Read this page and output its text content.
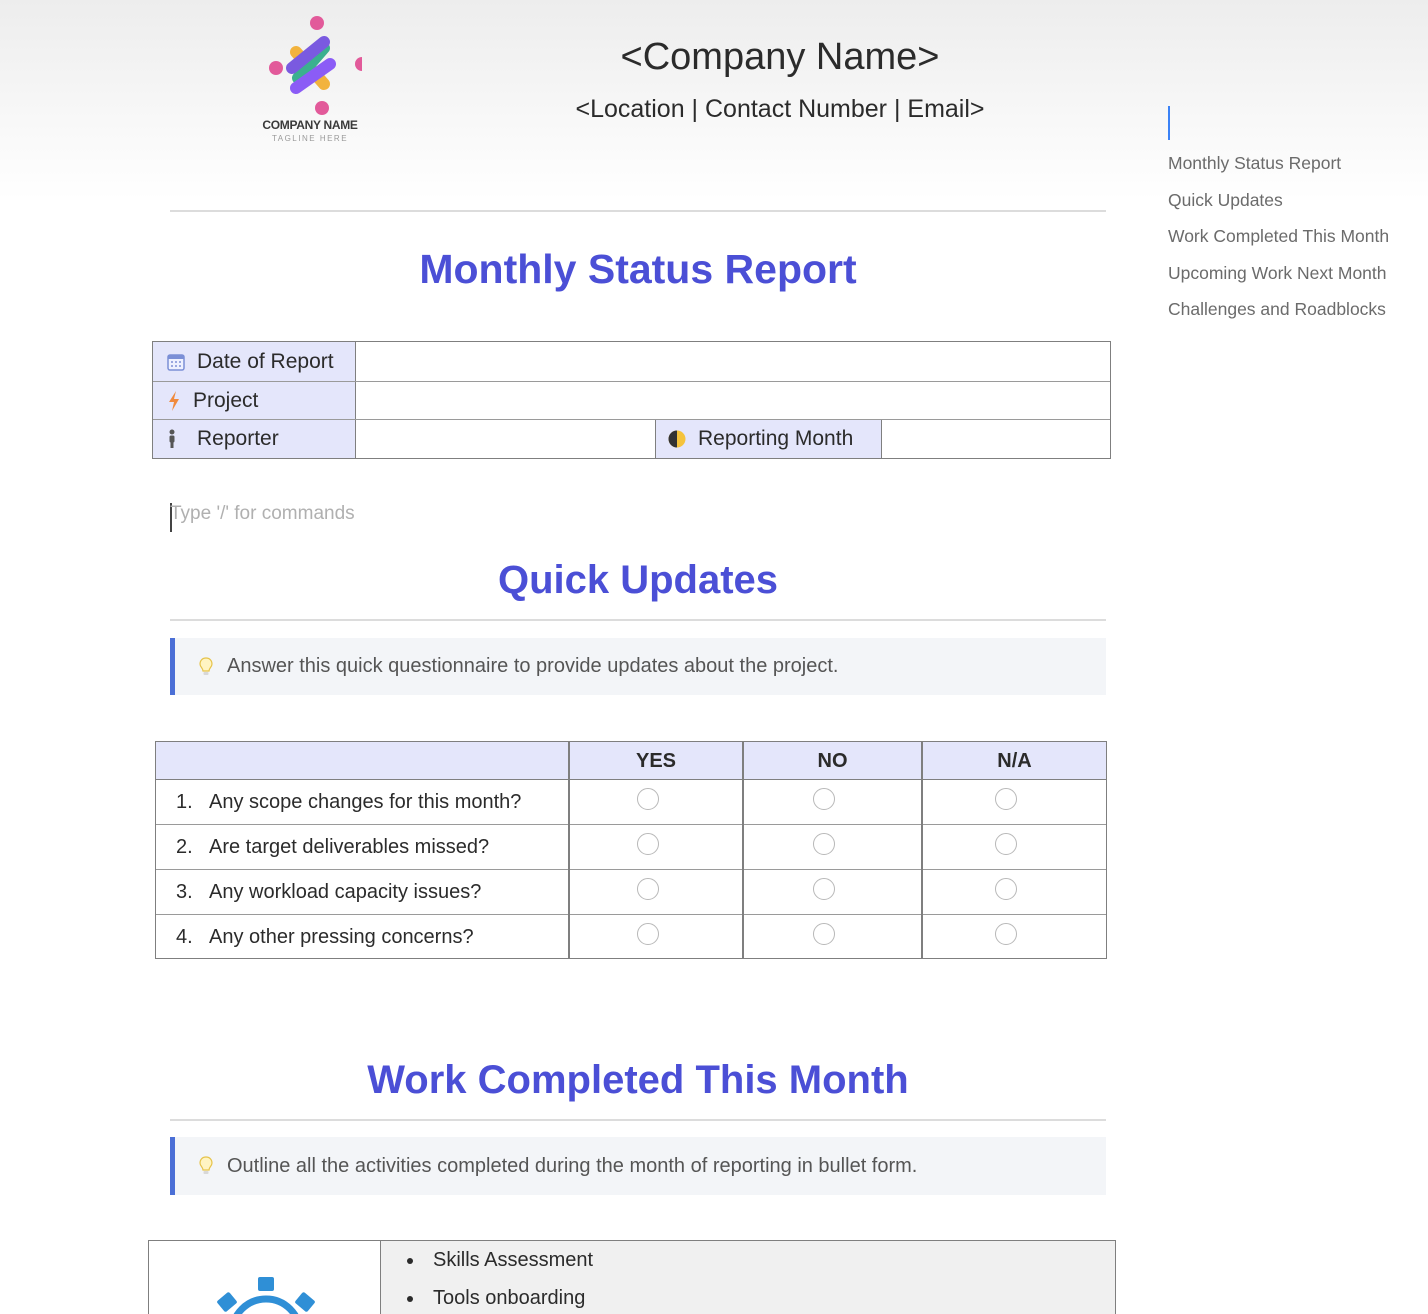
COMPANY NAME
TAGLINE HERE
<Company Name>
<Location | Contact Number | Email>
Monthly Status Report
Quick Updates
Work Completed This Month
Upcoming Work Next Month
Challenges and Roadblocks
Monthly Status Report
Date of Report
Project
Reporter	Reporting Month
Type '/' for commands
Quick Updates
Answer this quick questionnaire to provide updates about the project.
YES	NO	N/A
1. Any scope changes for this month?
2. Are target deliverables missed?
3. Any workload capacity issues?
4. Any other pressing concerns?
Work Completed This Month
Outline all the activities completed during the month of reporting in bullet form.
Skills Assessment
Tools onboarding
